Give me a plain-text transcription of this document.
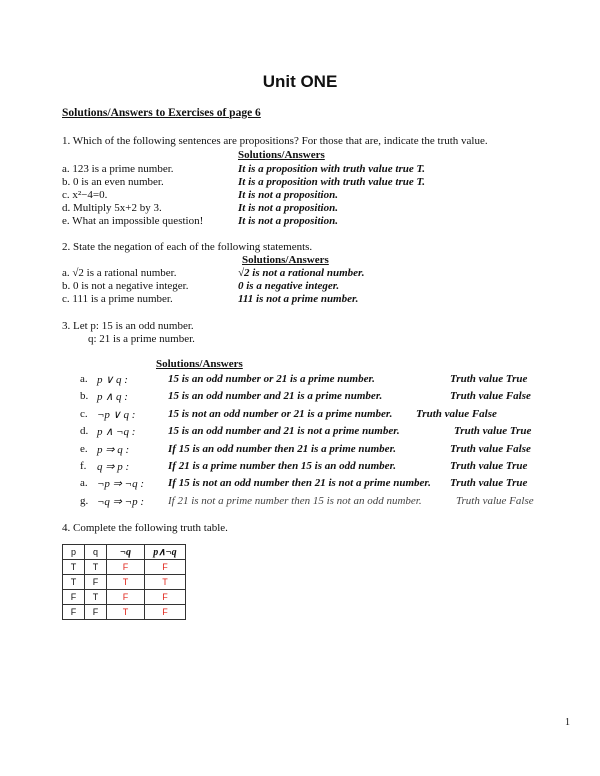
Unit ONE
Solutions/Answers to Exercises of page 6
1. Which of the following sentences are propositions? For those that are, indicate the truth value.
Solutions/Answers
a. 123 is a prime number.	It is a proposition with truth value true T.
b. 0 is an even number.	It is a proposition with truth value true T.
c. x²−4=0.	It is not a proposition.
d. Multiply 5x+2 by 3.	It is not a proposition.
e. What an impossible question!	It is not a proposition.
2. State the negation of each of the following statements.
Solutions/Answers
a. √2 is a rational number.	√2 is not a rational number.
b. 0 is not a negative integer.	0 is a negative integer.
c. 111 is a prime number.	111 is not a prime number.
3. Let p: 15 is an odd number.
q: 21 is a prime number.
Solutions/Answers
a. p ∨ q :	15 is an odd number or 21 is a prime number.	Truth value True
b. p ∧ q :	15 is an odd number and 21 is a prime number.	Truth value False
c. ¬p ∨ q :	15 is not an odd number or 21 is a prime number. Truth value False
d. p ∧ ¬q :	15 is an odd number and 21 is not a prime number.	Truth value True
e. p ⇒ q :	If 15 is an odd number then 21 is a prime number.	Truth value False
f. q ⇒ p :	If 21 is a prime number then 15 is an odd number.	Truth value True
a. ¬p ⇒ ¬q : If 15 is not an odd number then 21 is not a prime number. Truth value True
g. ¬q ⇒ ¬p : If 21 is not a prime number then 15 is not an odd number.	Truth value False
4. Complete the following truth table.
p	q	¬q	p∧¬q
T	T	F	F
T	F	T	T
F	T	F	F
F	F	T	F
1
